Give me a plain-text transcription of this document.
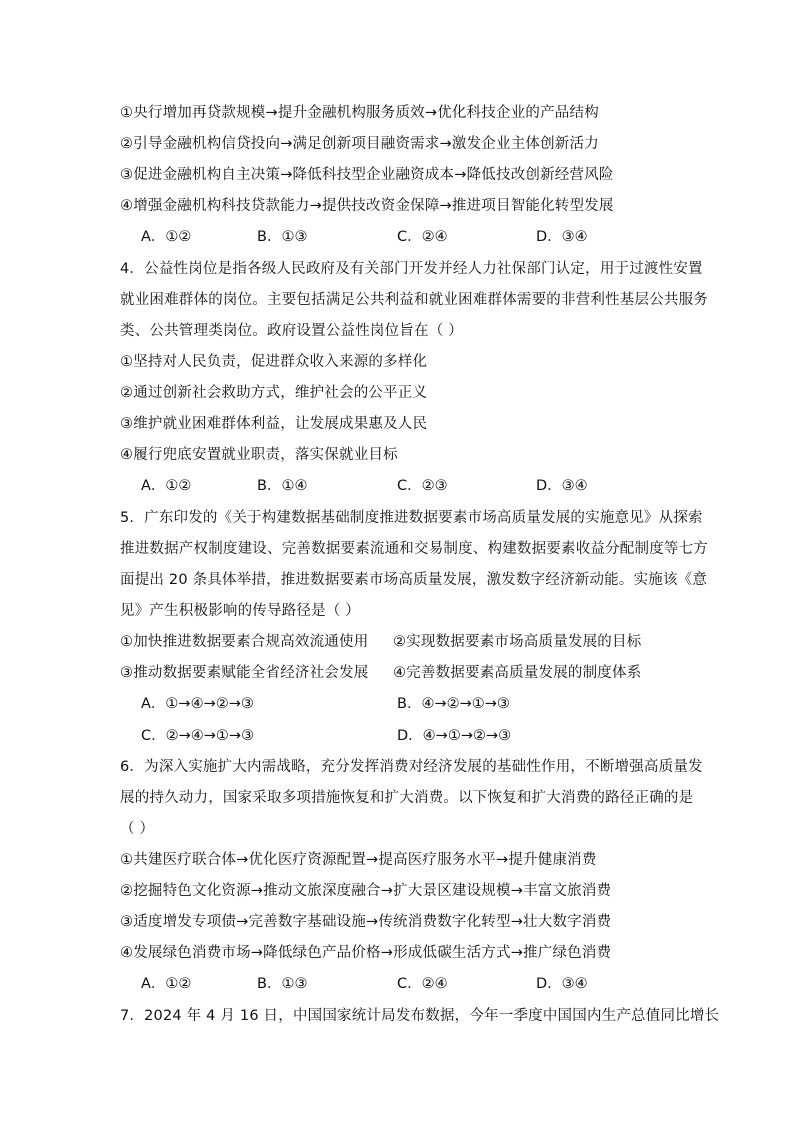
①央行增加再贷款规模→提升金融机构服务质效→优化科技企业的产品结构
②引导金融机构信贷投向→满足创新项目融资需求→激发企业主体创新活力
③促进金融机构自主决策→降低科技型企业融资成本→降低技改创新经营风险
④增强金融机构科技贷款能力→提供技改资金保障→推进项目智能化转型发展
A．①②	B．①③	C．②④	D．③④
4．公益性岗位是指各级人民政府及有关部门开发并经人力社保部门认定，用于过渡性安置
就业困难群体的岗位。主要包括满足公共利益和就业困难群体需要的非营利性基层公共服务
类、公共管理类岗位。政府设置公益性岗位旨在（ ）
①坚持对人民负责，促进群众收入来源的多样化
②通过创新社会救助方式，维护社会的公平正义
③维护就业困难群体利益，让发展成果惠及人民
④履行兜底安置就业职责，落实保就业目标
A．①②	B．①④	C．②③	D．③④
5．广东印发的《关于构建数据基础制度推进数据要素市场高质量发展的实施意见》从探索
推进数据产权制度建设、完善数据要素流通和交易制度、构建数据要素收益分配制度等七方
面提出 20 条具体举措，推进数据要素市场高质量发展，激发数字经济新动能。实施该《意
见》产生积极影响的传导路径是（ ）
①加快推进数据要素合规高效流通使用 ②实现数据要素市场高质量发展的目标
③推动数据要素赋能全省经济社会发展 ④完善数据要素高质量发展的制度体系
A．①→④→②→③	B．④→②→①→③
C．②→④→①→③	D．④→①→②→③
6．为深入实施扩大内需战略，充分发挥消费对经济发展的基础性作用，不断增强高质量发
展的持久动力，国家采取多项措施恢复和扩大消费。以下恢复和扩大消费的路径正确的是
（ ）
①共建医疗联合体→优化医疗资源配置→提高医疗服务水平→提升健康消费
②挖掘特色文化资源→推动文旅深度融合→扩大景区建设规模→丰富文旅消费
③适度增发专项债→完善数字基础设施→传统消费数字化转型→壮大数字消费
④发展绿色消费市场→降低绿色产品价格→形成低碳生活方式→推广绿色消费
A．①②	B．①③	C．②④	D．③④
7．2024 年 4 月 16 日，中国国家统计局发布数据，今年一季度中国国内生产总值同比增长
